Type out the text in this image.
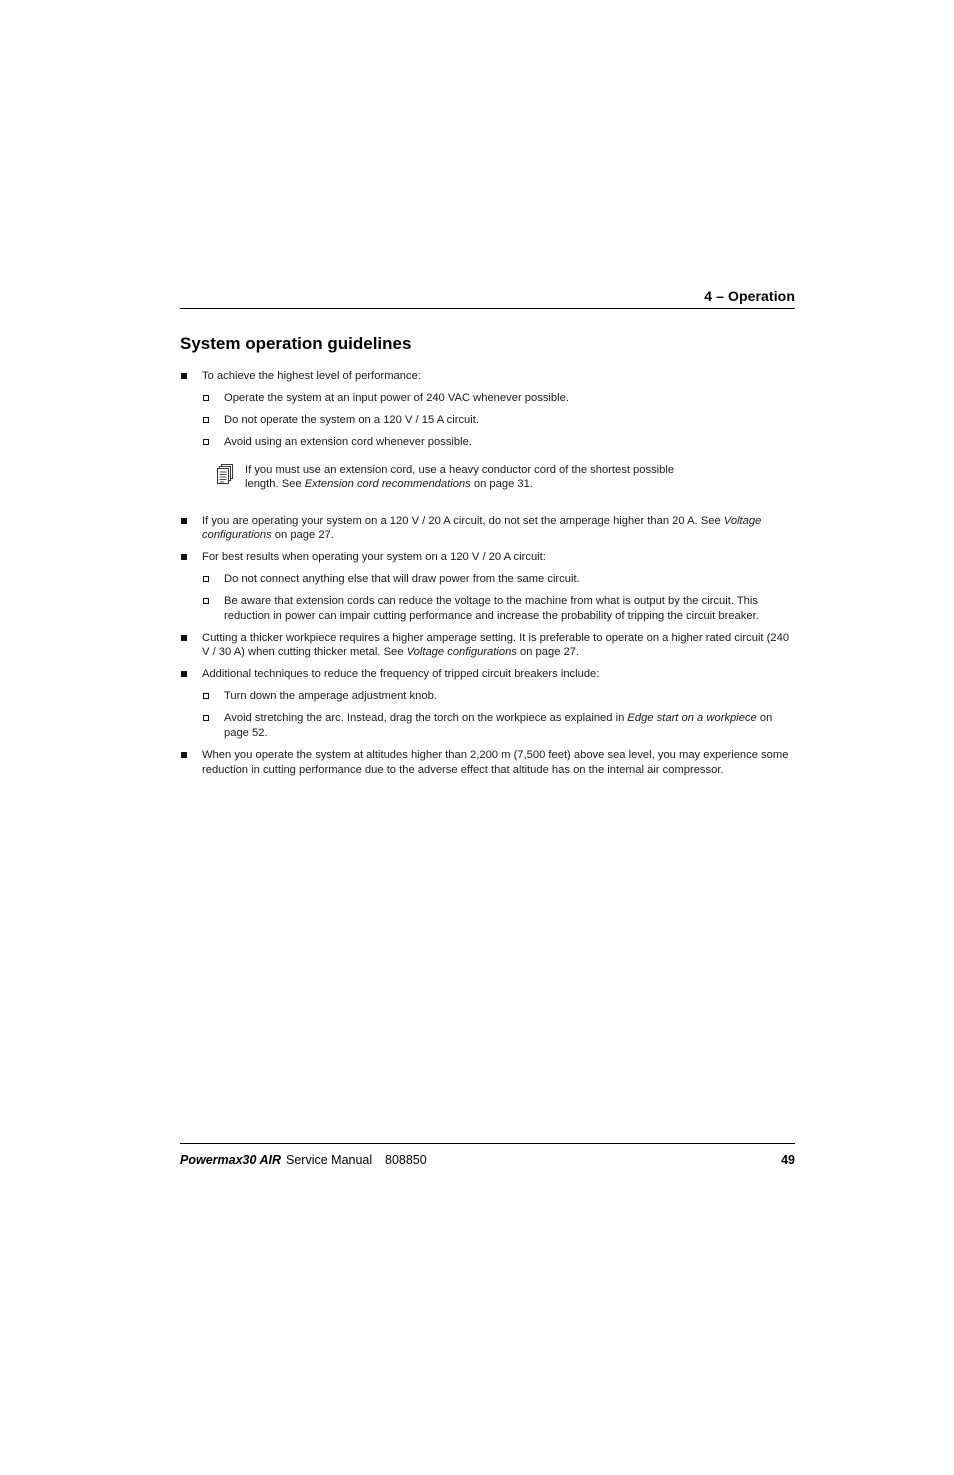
4 – Operation
System operation guidelines
To achieve the highest level of performance:
Operate the system at an input power of 240 VAC whenever possible.
Do not operate the system on a 120 V / 15 A circuit.
Avoid using an extension cord whenever possible.
If you must use an extension cord, use a heavy conductor cord of the shortest possible length. See Extension cord recommendations on page 31.
If you are operating your system on a 120 V / 20 A circuit, do not set the amperage higher than 20 A. See Voltage configurations on page 27.
For best results when operating your system on a 120 V / 20 A circuit:
Do not connect anything else that will draw power from the same circuit.
Be aware that extension cords can reduce the voltage to the machine from what is output by the circuit. This reduction in power can impair cutting performance and increase the probability of tripping the circuit breaker.
Cutting a thicker workpiece requires a higher amperage setting. It is preferable to operate on a higher rated circuit (240 V / 30 A) when cutting thicker metal. See Voltage configurations on page 27.
Additional techniques to reduce the frequency of tripped circuit breakers include:
Turn down the amperage adjustment knob.
Avoid stretching the arc. Instead, drag the torch on the workpiece as explained in Edge start on a workpiece on page 52.
When you operate the system at altitudes higher than 2,200 m (7,500 feet) above sea level, you may experience some reduction in cutting performance due to the adverse effect that altitude has on the internal air compressor.
Powermax30 AIR Service Manual 808850	49
